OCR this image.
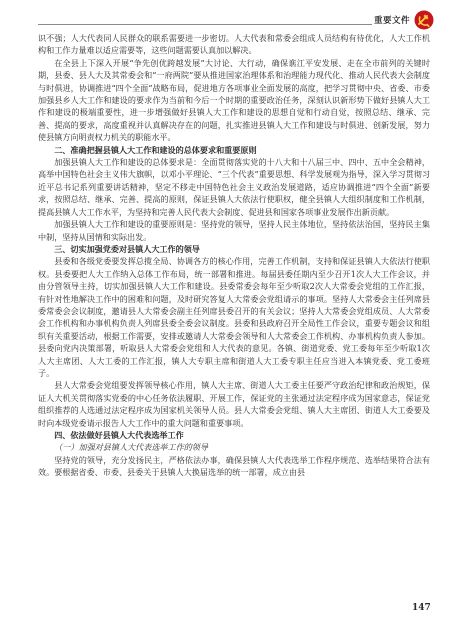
重要文件

识不强；人大代表同人民群众的联系需要进一步密切。人大代表和常委会组成人员结构有待优化，人大工作机构和工作力量难以适应需要等，这些问题需要认真加以解决。

在全县上下深入开展“争先创优跨越发展”大讨论、大行动，确保谯江平安发展、走在全市前列的关键时期，县委、县人大及其常委会和“一府两院”要从推进国家治理体系和治理能力现代化、推动人民代表大会制度与时俱进，协调推进“四个全面”战略布局，促进地方各项事业全面发展的高度，把学习贯彻中央、省委、市委加强县乡人大工作和建设的要求作为当前和今后一个时期的重要政治任务，深刻认识新形势下做好县镇人大工作和建设的极端重要性，进一步增强做好县镇人大工作和建设的思想自觉和行动自觉，按照总结、继承、完善、提高的要求，高度重视并认真解决存在的问题，扎实推进县镇人大工作和建设与时俱进、创新发展，努力使县镇方向明责权力机关的职能水平。

二、准确把握县镇人大工作和建设的总体要求和重要原则

加强县镇人大工作和建设的总体要求是：全面贯彻落实党的十八大和十八届三中、四中、五中全会精神，高举中国特色社会主义伟大旗帜，以邓小平理论、“三个代表”重要思想、科学发展观为指导，深入学习贯彻习近平总书记系列重要讲话精神，坚定不移走中国特色社会主义政治发展道路，适应协调推进“四个全面”新要求，按照总结、继承、完善、提高的原则，保证县镇人大依法行使职权，健全县镇人大组织制度和工作机制，提高县镇人大工作水平，为坚持和完善人民代表大会制度、促进县和国家各项事业发展作出新贡献。

加强县镇人大工作和建设的重要原则是：坚持党的领导，坚持人民主体地位，坚持依法治国，坚持民主集中制，坚持从国情和实际出发。

三、切实加强党委对县镇人大工作的领导

县委和各级党委要发挥总揽全局、协调各方的核心作用，完善工作机制，支持和保证县镇人大依法行使职权。县委要把人大工作纳入总体工作布局，统一部署和推进。每届县委任期内至少召开1次人大工作会议，并由分管领导主持，切实加强县镇人大工作和建设。县委常委会每年至少听取2次人大常委会党组的工作汇报，有针对性地解决工作中的困难和问题，及时研究答复人大常委会党组请示的事项。坚持人大常委会主任列席县委常委会会议制度，邀请县人大常委会副主任列席县委召开的有关会议；坚持人大常委会党组成员、人大常委会工作机构和办事机构负责人列席县委全委会议制度。县委和县政府召开全局性工作会议，重要专题会议和组织有关重要活动，根据工作需要，安排或邀请人大常委会领导和人大常委会工作机构、办事机构负责人参加。县委向党内决策部署，听取县人大常委会党组和人大代表的意见。各镇、街道党委、党工委每年至少听取1次人大主席团、人大工委的工作汇报，镇人大专职主席和街道人大工委专职主任应当进入本镇党委、党工委班子。

县人大常委会党组要发挥领导核心作用，镇人大主席、街道人大工委主任要严守政治纪律和政治规矩，保证人大机关贯彻落实党委的中心任务依法履职、开展工作，保证党的主张通过法定程序成为国家意志，保证党组织推荐的人选通过法定程序成为国家机关领导人员。县人大常委会党组、镇人大主席团、街道人大工委要及时向本级党委请示报告人大工作中的重大问题和重要事项。

四、依法做好县镇人大代表选举工作
（一）加强对县镇人大代表选举工作的领导

坚持党的领导，充分发扬民主，严格依法办事，确保县镇人大代表选举工作程序规范、选举结果符合法有效。要根据省委、市委、县委关于县镇人大换届选举的统一部署，成立由县

147
